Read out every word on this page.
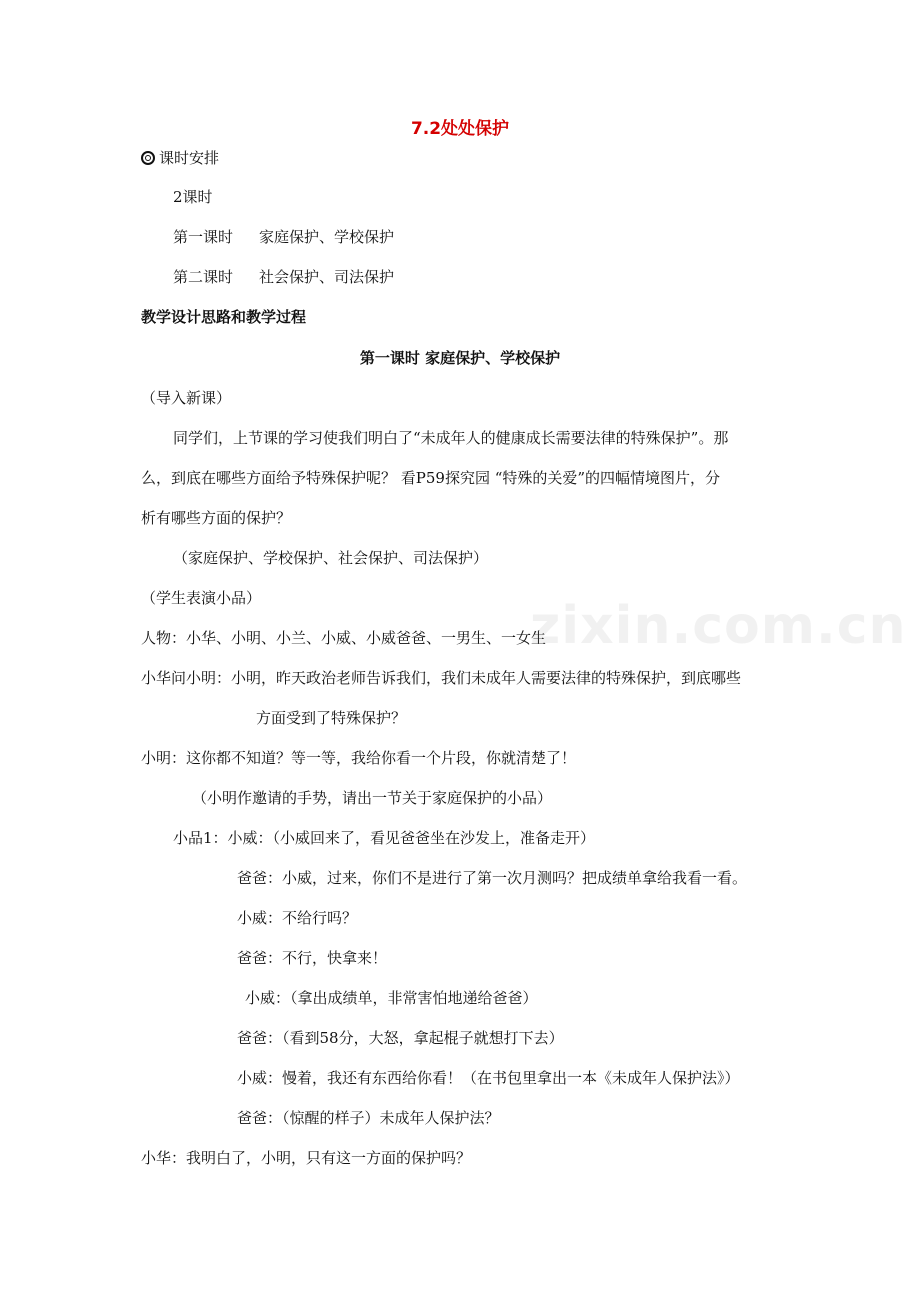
7.2处处保护
课时安排
2课时
第一课时 家庭保护、学校保护
第二课时 社会保护、司法保护
教学设计思路和教学过程
第一课时 家庭保护、学校保护
（导入新课）
同学们，上节课的学习使我们明白了“未成年人的健康成长需要法律的特殊保护”。那
么，到底在哪些方面给予特殊保护呢？ 看P59探究园 “特殊的关爱”的四幅情境图片，分
析有哪些方面的保护？
（家庭保护、学校保护、社会保护、司法保护）
（学生表演小品）
人物：小华、小明、小兰、小威、小威爸爸、一男生、一女生
小华问小明：小明，昨天政治老师告诉我们，我们未成年人需要法律的特殊保护，到底哪些
方面受到了特殊保护？
小明：这你都不知道？等一等，我给你看一个片段，你就清楚了！
（小明作邀请的手势，请出一节关于家庭保护的小品）
小品1：小威：（小威回来了，看见爸爸坐在沙发上，准备走开）
爸爸：小威，过来，你们不是进行了第一次月测吗？把成绩单拿给我看一看。
小威：不给行吗？
爸爸：不行，快拿来！
小威：（拿出成绩单，非常害怕地递给爸爸）
爸爸：（看到58分，大怒，拿起棍子就想打下去）
小威：慢着，我还有东西给你看！（在书包里拿出一本《未成年人保护法》）
爸爸：（惊醒的样子）未成年人保护法？
小华：我明白了，小明，只有这一方面的保护吗？
zixin.com.cn
